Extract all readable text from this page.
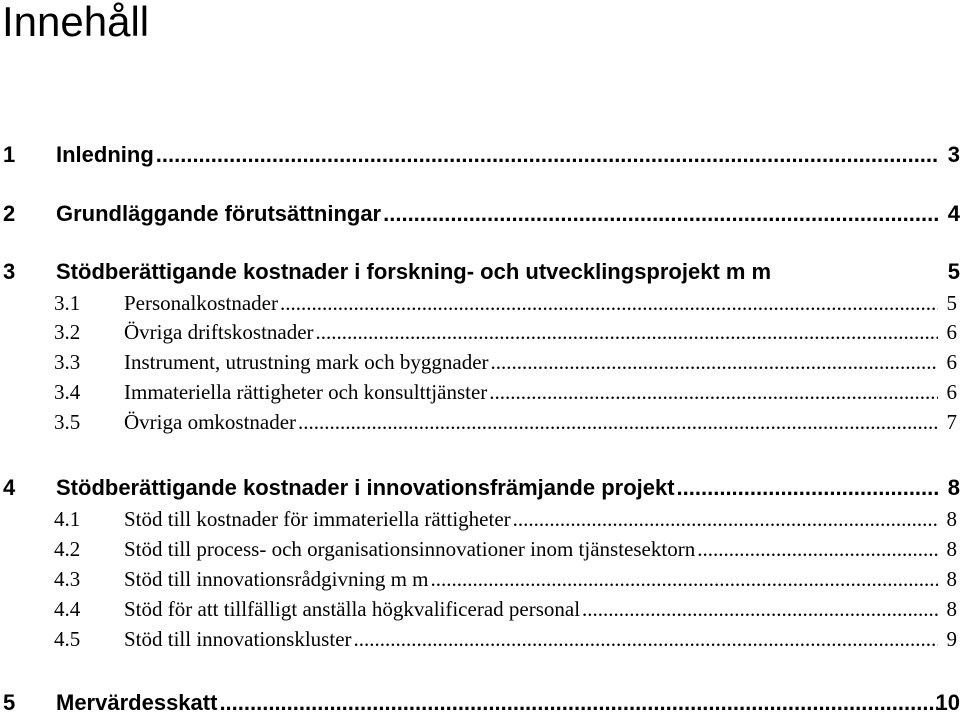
Innehåll
1 Inledning .....	3
2 Grundläggande förutsättningar .....	4
3 Stödberättigande kostnader i forskning- och utvecklingsprojekt m m	5
3.1 Personalkostnader .....	5
3.2 Övriga driftskostnader .....	6
3.3 Instrument, utrustning mark och byggnader .....	6
3.4 Immateriella rättigheter och konsulttjänster .....	6
3.5 Övriga omkostnader .....	7
4 Stödberättigande kostnader i innovationsfrämjande projekt .....	8
4.1 Stöd till kostnader för immateriella rättigheter .....	8
4.2 Stöd till process- och organisationsinnovationer inom tjänstesektorn .....	8
4.3 Stöd till innovationsrådgivning m m .....	8
4.4 Stöd för att tillfälligt anställa högkvalificerad personal .....	8
4.5 Stöd till innovationskluster .....	9
5 Mervärdesskatt .....	10
